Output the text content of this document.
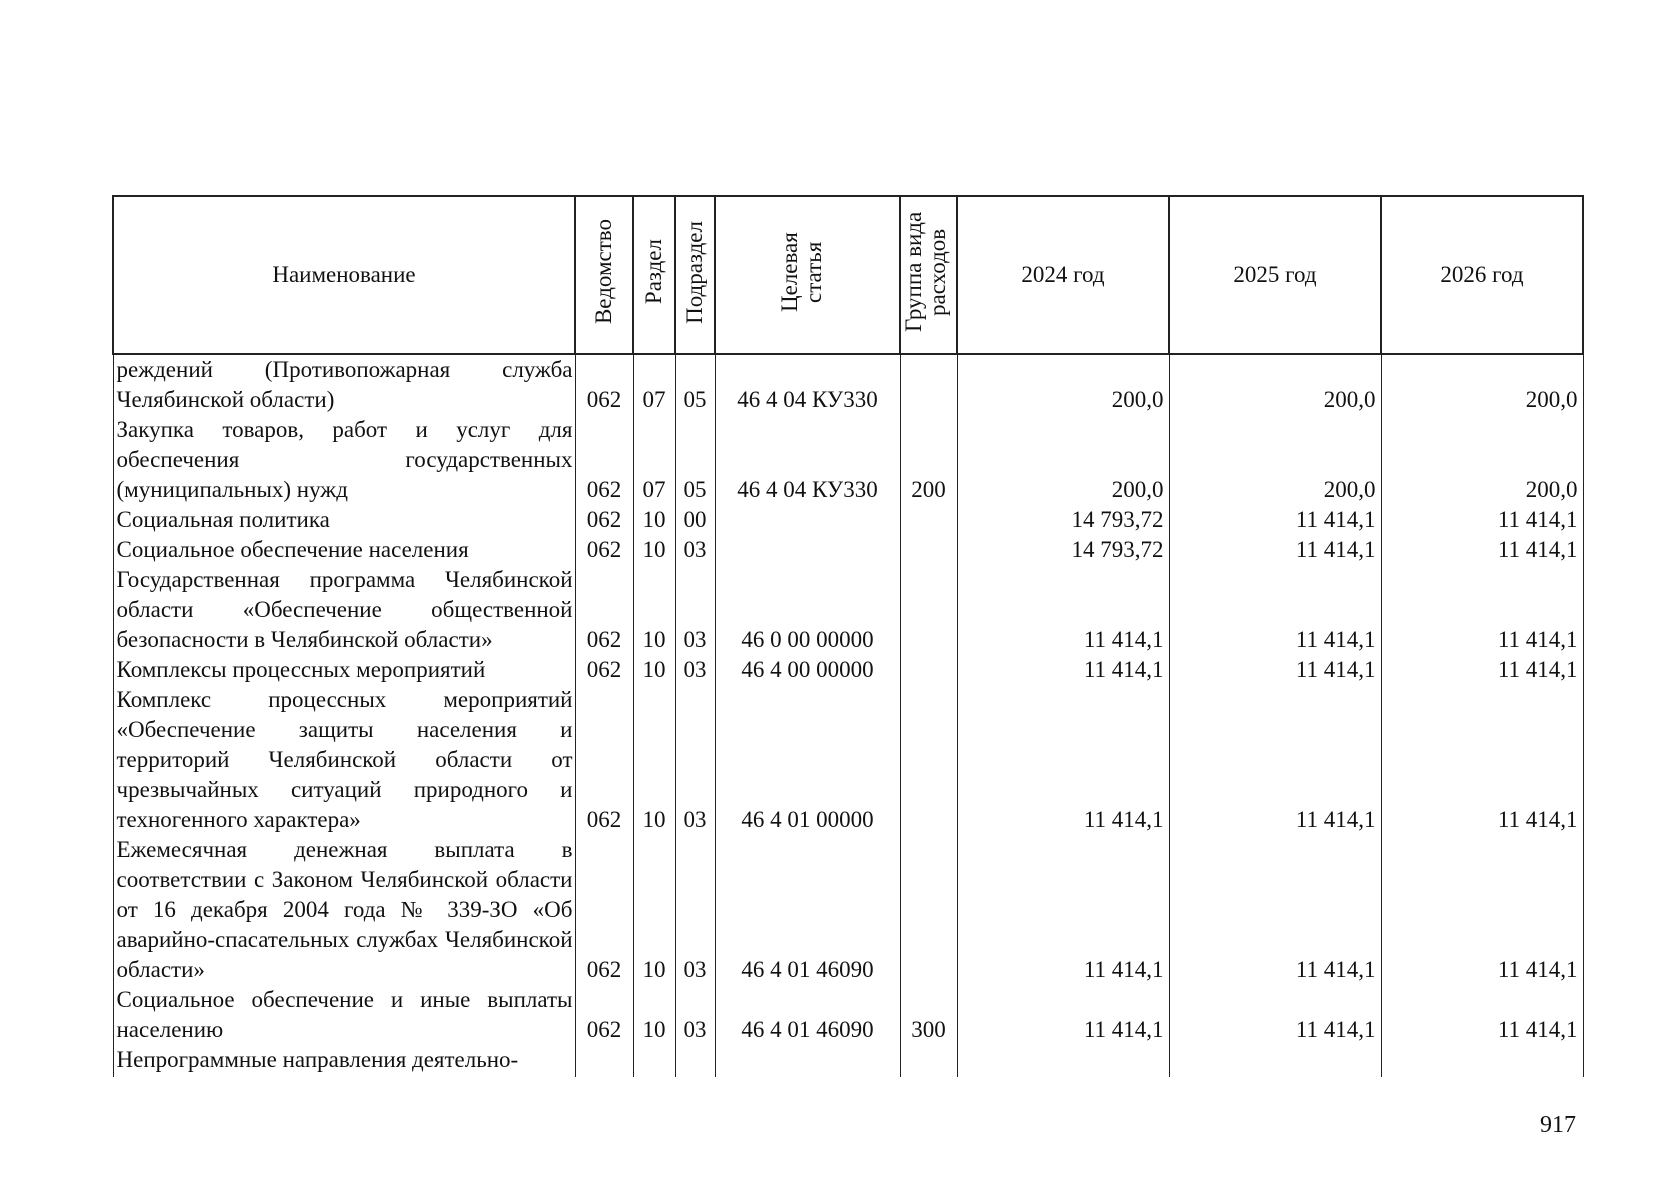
Наименование	Ведомство	Раздел	Подраздел	Целевая статья	Группа вида расходов	2024 год	2025 год	2026 год
реждений (Противопожарная служба Челябинской области)	062	07	05	46 4 04 КУ330		200,0	200,0	200,0
Закупка товаров, работ и услуг для обеспечения государственных (муниципальных) нужд	062	07	05	46 4 04 КУ330	200	200,0	200,0	200,0
Социальная политика	062	10	00			14 793,72	11 414,1	11 414,1
Социальное обеспечение населения	062	10	03			14 793,72	11 414,1	11 414,1
Государственная программа Челябинской области «Обеспечение общественной безопасности в Челябинской области»	062	10	03	46 0 00 00000		11 414,1	11 414,1	11 414,1
Комплексы процессных мероприятий	062	10	03	46 4 00 00000		11 414,1	11 414,1	11 414,1
Комплекс процессных мероприятий «Обеспечение защиты населения и территорий Челябинской области от чрезвычайных ситуаций природного и техногенного характера»	062	10	03	46 4 01 00000		11 414,1	11 414,1	11 414,1
Ежемесячная денежная выплата в соответствии с Законом Челябинской области от 16 декабря 2004 года № 339-ЗО «Об аварийно-спасательных службах Челябинской области»	062	10	03	46 4 01 46090		11 414,1	11 414,1	11 414,1
Социальное обеспечение и иные выплаты населению	062	10	03	46 4 01 46090	300	11 414,1	11 414,1	11 414,1
Непрограммные направления деятельно-								
917
